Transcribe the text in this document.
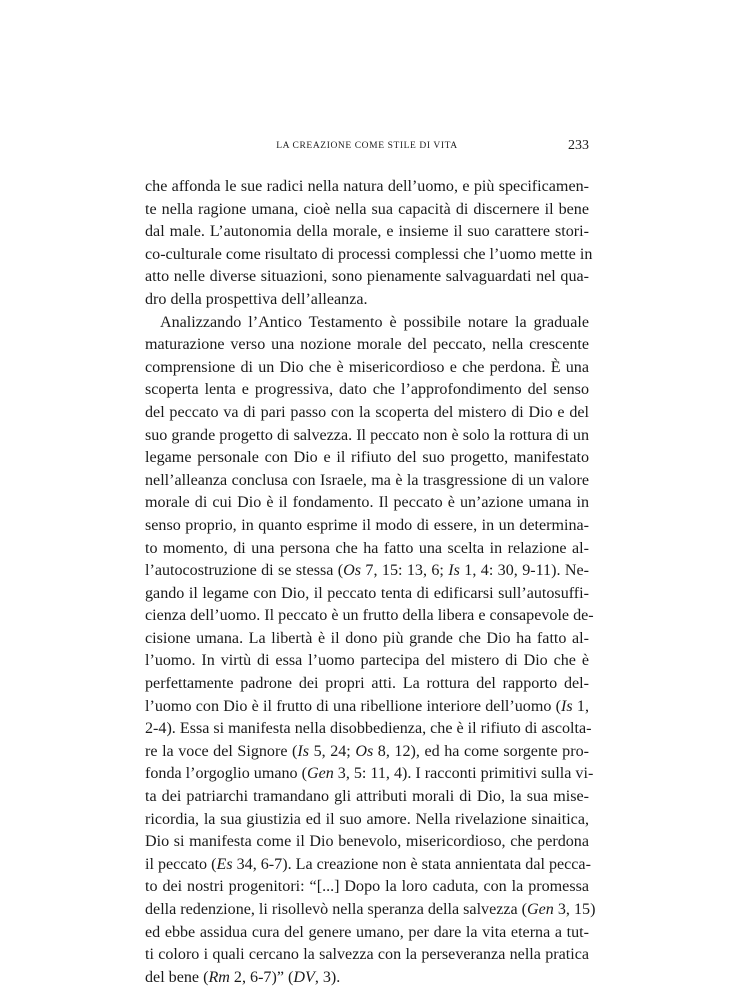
LA CREAZIONE COME STILE DI VITA	233
che affonda le sue radici nella natura dell’uomo, e più specificamen-
te nella ragione umana, cioè nella sua capacità di discernere il bene
dal male. L’autonomia della morale, e insieme il suo carattere stori-
co-culturale come risultato di processi complessi che l’uomo mette in
atto nelle diverse situazioni, sono pienamente salvaguardati nel qua-
dro della prospettiva dell’alleanza.
Analizzando l’Antico Testamento è possibile notare la graduale
maturazione verso una nozione morale del peccato, nella crescente
comprensione di un Dio che è misericordioso e che perdona. È una
scoperta lenta e progressiva, dato che l’approfondimento del senso
del peccato va di pari passo con la scoperta del mistero di Dio e del
suo grande progetto di salvezza. Il peccato non è solo la rottura di un
legame personale con Dio e il rifiuto del suo progetto, manifestato
nell’alleanza conclusa con Israele, ma è la trasgressione di un valore
morale di cui Dio è il fondamento. Il peccato è un’azione umana in
senso proprio, in quanto esprime il modo di essere, in un determina-
to momento, di una persona che ha fatto una scelta in relazione al-
l’autocostruzione di se stessa (Os 7, 15: 13, 6; Is 1, 4: 30, 9-11). Ne-
gando il legame con Dio, il peccato tenta di edificarsi sull’autosuffi-
cienza dell’uomo. Il peccato è un frutto della libera e consapevole de-
cisione umana. La libertà è il dono più grande che Dio ha fatto al-
l’uomo. In virtù di essa l’uomo partecipa del mistero di Dio che è
perfettamente padrone dei propri atti. La rottura del rapporto del-
l’uomo con Dio è il frutto di una ribellione interiore dell’uomo (Is 1,
2-4). Essa si manifesta nella disobbedienza, che è il rifiuto di ascolta-
re la voce del Signore (Is 5, 24; Os 8, 12), ed ha come sorgente pro-
fonda l’orgoglio umano (Gen 3, 5: 11, 4). I racconti primitivi sulla vi-
ta dei patriarchi tramandano gli attributi morali di Dio, la sua mise-
ricordia, la sua giustizia ed il suo amore. Nella rivelazione sinaitica,
Dio si manifesta come il Dio benevolo, misericordioso, che perdona
il peccato (Es 34, 6-7). La creazione non è stata annientata dal pecca-
to dei nostri progenitori: “[...] Dopo la loro caduta, con la promessa
della redenzione, li risollevò nella speranza della salvezza (Gen 3, 15)
ed ebbe assidua cura del genere umano, per dare la vita eterna a tut-
ti coloro i quali cercano la salvezza con la perseveranza nella pratica
del bene (Rm 2, 6-7)” (DV, 3).
